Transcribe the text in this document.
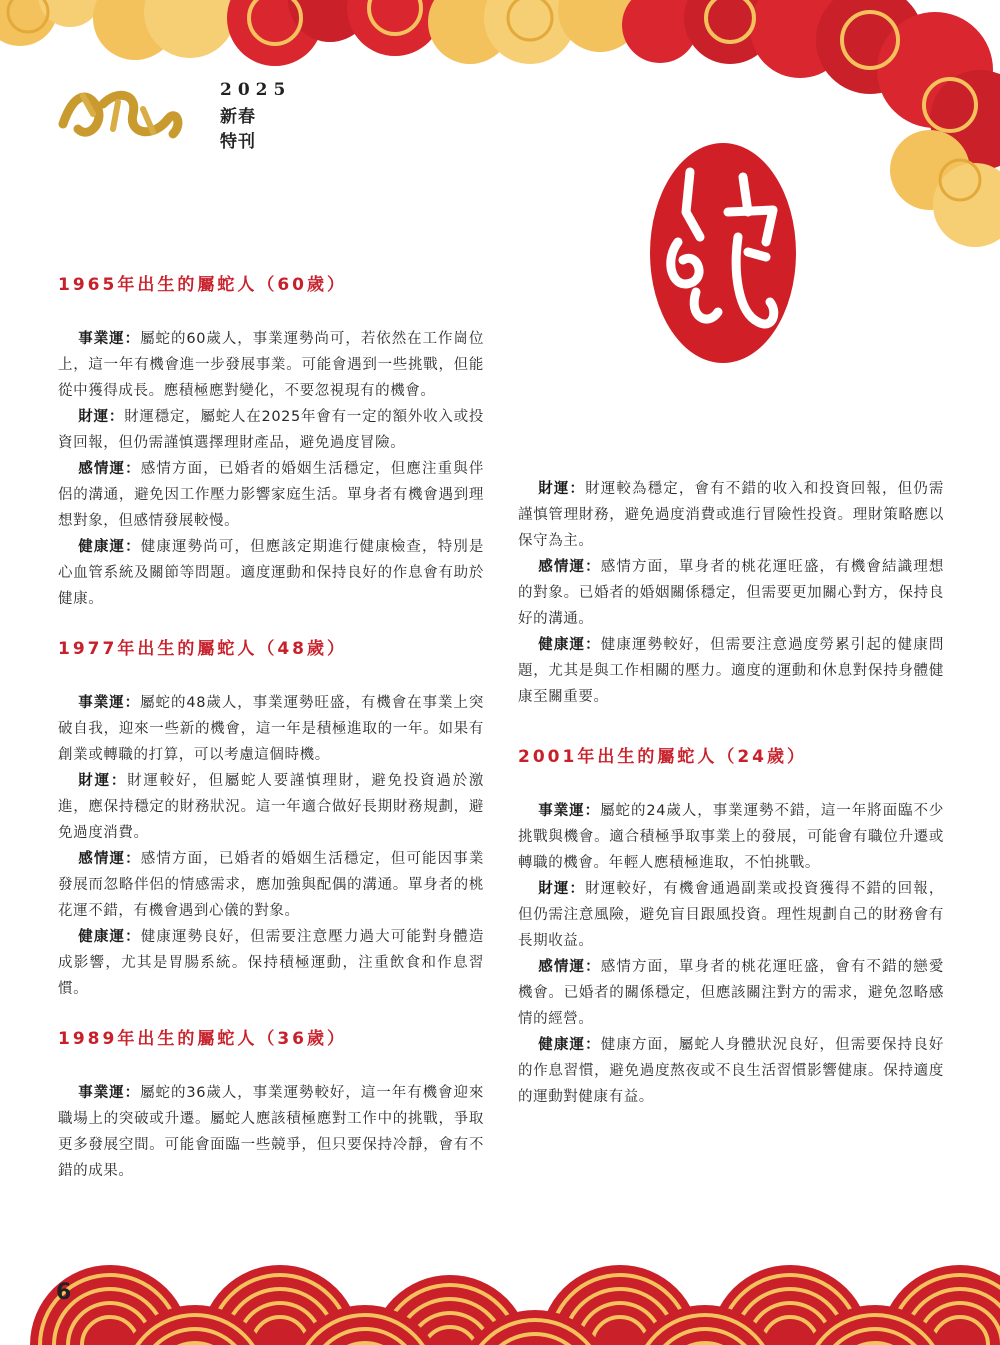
2025
新春特刊
1965年出生的屬蛇人（60歲）

事業運：屬蛇的60歲人，事業運勢尚可，若依然在工作崗位上，這一年有機會進一步發展事業。可能會遇到一些挑戰，但能從中獲得成長。應積極應對變化，不要忽視現有的機會。

財運：財運穩定，屬蛇人在2025年會有一定的額外收入或投資回報，但仍需謹慎選擇理財產品，避免過度冒險。

感情運：感情方面，已婚者的婚姻生活穩定，但應注重與伴侶的溝通，避免因工作壓力影響家庭生活。單身者有機會遇到理想對象，但感情發展較慢。

健康運：健康運勢尚可，但應該定期進行健康檢查，特別是心血管系統及關節等問題。適度運動和保持良好的作息會有助於健康。

1977年出生的屬蛇人（48歲）

事業運：屬蛇的48歲人，事業運勢旺盛，有機會在事業上突破自我，迎來一些新的機會，這一年是積極進取的一年。如果有創業或轉職的打算，可以考慮這個時機。

財運：財運較好，但屬蛇人要謹慎理財，避免投資過於激進，應保持穩定的財務狀況。這一年適合做好長期財務規劃，避免過度消費。

感情運：感情方面，已婚者的婚姻生活穩定，但可能因事業發展而忽略伴侶的情感需求，應加強與配偶的溝通。單身者的桃花運不錯，有機會遇到心儀的對象。

健康運：健康運勢良好，但需要注意壓力過大可能對身體造成影響，尤其是胃腸系統。保持積極運動，注重飲食和作息習慣。

1989年出生的屬蛇人（36歲）

事業運：屬蛇的36歲人，事業運勢較好，這一年有機會迎來職場上的突破或升遷。屬蛇人應該積極應對工作中的挑戰，爭取更多發展空間。可能會面臨一些競爭，但只要保持冷靜，會有不錯的成果。

財運：財運較為穩定，會有不錯的收入和投資回報，但仍需謹慎管理財務，避免過度消費或進行冒險性投資。理財策略應以保守為主。

感情運：感情方面，單身者的桃花運旺盛，有機會結識理想的對象。已婚者的婚姻關係穩定，但需要更加關心對方，保持良好的溝通。

健康運：健康運勢較好，但需要注意過度勞累引起的健康問題，尤其是與工作相關的壓力。適度的運動和休息對保持身體健康至關重要。

2001年出生的屬蛇人（24歲）

事業運：屬蛇的24歲人，事業運勢不錯，這一年將面臨不少挑戰與機會。適合積極爭取事業上的發展，可能會有職位升遷或轉職的機會。年輕人應積極進取，不怕挑戰。

財運：財運較好，有機會通過副業或投資獲得不錯的回報，但仍需注意風險，避免盲目跟風投資。理性規劃自己的財務會有長期收益。

感情運：感情方面，單身者的桃花運旺盛，會有不錯的戀愛機會。已婚者的關係穩定，但應該關注對方的需求，避免忽略感情的經營。

健康運：健康方面，屬蛇人身體狀況良好，但需要保持良好的作息習慣，避免過度熬夜或不良生活習慣影響健康。保持適度的運動對健康有益。

6
